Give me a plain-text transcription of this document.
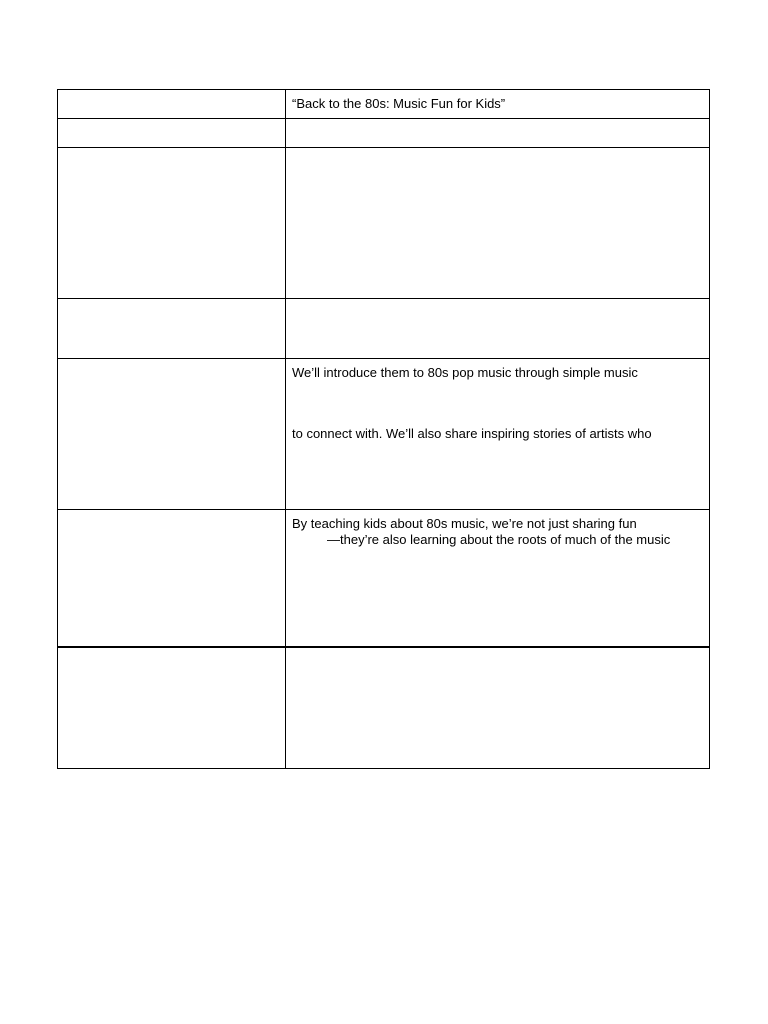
	“Back to the 80s: Music Fun for Kids”

	We’ll introduce them to 80s pop music through simple music
to connect with. We’ll also share inspiring stories of artists who

	By teaching kids about 80s music, we’re not just sharing fun
—they’re also learning about the roots of much of the music
